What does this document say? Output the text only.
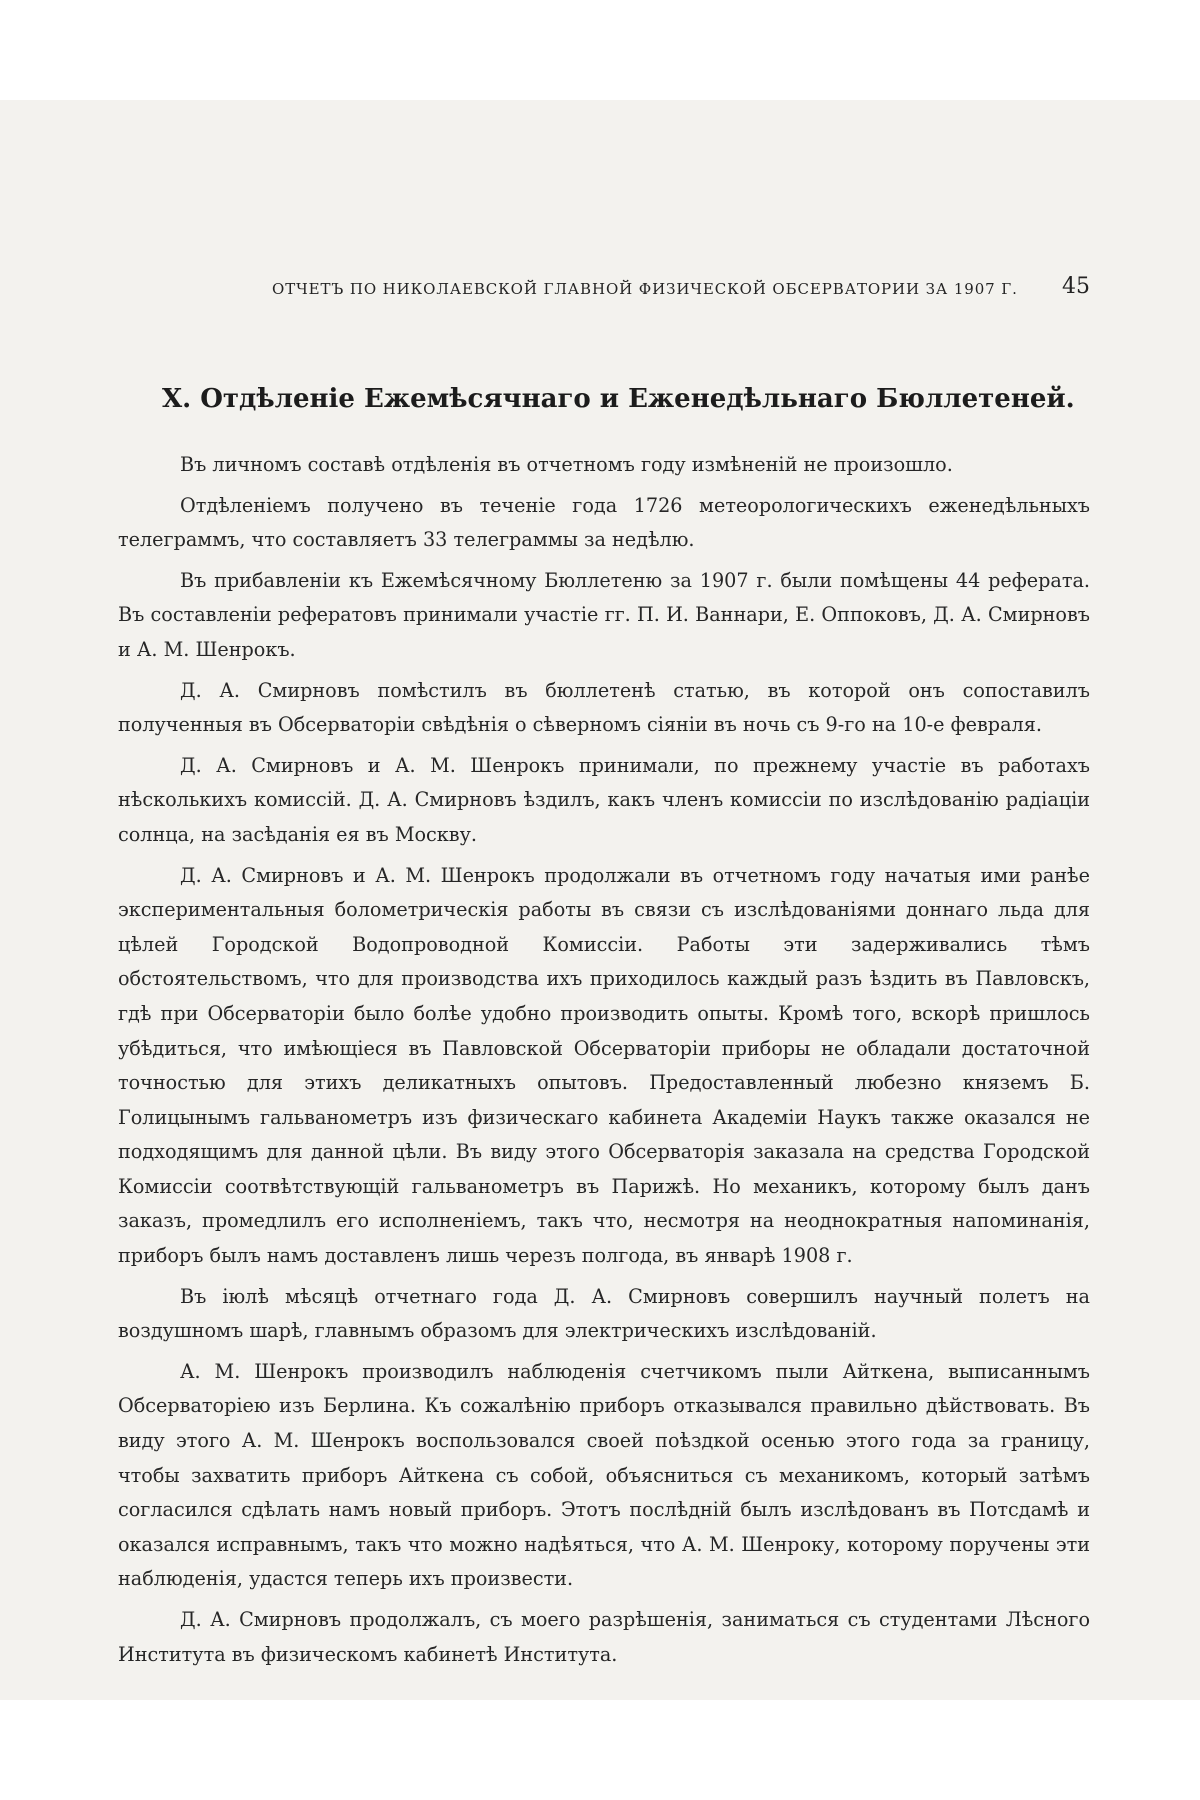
ОТЧЕТЪ ПО НИКОЛАЕВСКОЙ ГЛАВНОЙ ФИЗИЧЕСКОЙ ОБСЕРВАТОРИИ ЗА 1907 Г.	45
X. Отдѣленіе Ежемѣсячнаго и Еженедѣльнаго Бюллетеней.

Въ личномъ составѣ отдѣленія въ отчетномъ году измѣненій не произошло.

Отдѣленіемъ получено въ теченіе года 1726 метеорологическихъ еженедѣльныхъ телеграммъ, что составляетъ 33 телеграммы за недѣлю.

Въ прибавленіи къ Ежемѣсячному Бюллетеню за 1907 г. были помѣщены 44 реферата. Въ составленіи рефератовъ принимали участіе гг. П. И. Ваннари, Е. Оппоковъ, Д. А. Смирновъ и А. М. Шенрокъ.

Д. А. Смирновъ помѣстилъ въ бюллетенѣ статью, въ которой онъ сопоставилъ полученныя въ Обсерваторіи свѣдѣнія о сѣверномъ сіяніи въ ночь съ 9-го на 10-е февраля.

Д. А. Смирновъ и А. М. Шенрокъ принимали, по прежнему участіе въ работахъ нѣсколькихъ комиссій. Д. А. Смирновъ ѣздилъ, какъ членъ комиссіи по изслѣдованію радіаціи солнца, на засѣданія ея въ Москву.

Д. А. Смирновъ и А. М. Шенрокъ продолжали въ отчетномъ году начатыя ими ранѣе экспериментальныя болометрическія работы въ связи съ изслѣдованіями доннаго льда для цѣлей Городской Водопроводной Комиссіи. Работы эти задерживались тѣмъ обстоятельствомъ, что для производства ихъ приходилось каждый разъ ѣздить въ Павловскъ, гдѣ при Обсерваторіи было болѣе удобно производить опыты. Кромѣ того, вскорѣ пришлось убѣдиться, что имѣющіеся въ Павловской Обсерваторіи приборы не обладали достаточной точностью для этихъ деликатныхъ опытовъ. Предоставленный любезно княземъ Б. Голицынымъ гальванометръ изъ физическаго кабинета Академіи Наукъ также оказался не подходящимъ для данной цѣли. Въ виду этого Обсерваторія заказала на средства Городской Комиссіи соотвѣтствующій гальванометръ въ Парижѣ. Но механикъ, которому былъ данъ заказъ, промедлилъ его исполненіемъ, такъ что, несмотря на неоднократныя напоминанія, приборъ былъ намъ доставленъ лишь черезъ полгода, въ январѣ 1908 г.

Въ іюлѣ мѣсяцѣ отчетнаго года Д. А. Смирновъ совершилъ научный полетъ на воздушномъ шарѣ, главнымъ образомъ для электрическихъ изслѣдованій.

А. М. Шенрокъ производилъ наблюденія счетчикомъ пыли Айткена, выписаннымъ Обсерваторіею изъ Берлина. Къ сожалѣнію приборъ отказывался правильно дѣйствовать. Въ виду этого А. М. Шенрокъ воспользовался своей поѣздкой осенью этого года за границу, чтобы захватить приборъ Айткена съ собой, объясниться съ механикомъ, который затѣмъ согласился сдѣлать намъ новый приборъ. Этотъ послѣдній былъ изслѣдованъ въ Потсдамѣ и оказался исправнымъ, такъ что можно надѣяться, что А. М. Шенроку, которому поручены эти наблюденія, удастся теперь ихъ произвести.

Д. А. Смирновъ продолжалъ, съ моего разрѣшенія, заниматься съ студентами Лѣсного Института въ физическомъ кабинетѣ Института.
